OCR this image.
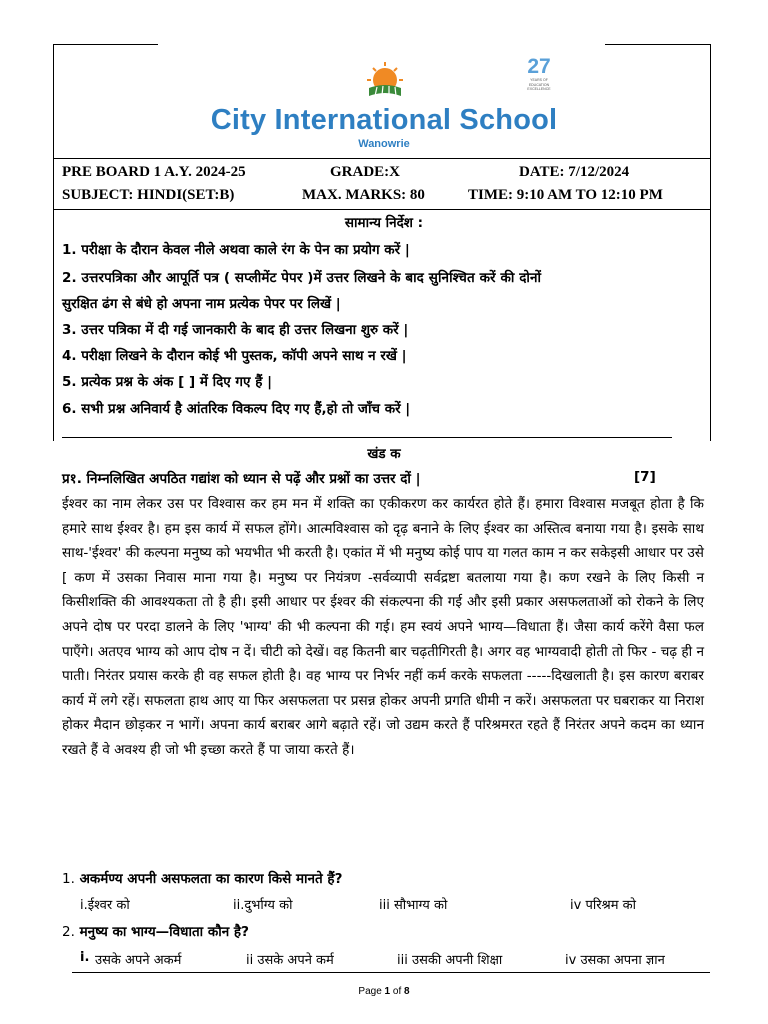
27
YEARS OF EDUCATION EXCELLENCE
City International School
Wanowrie
PRE BOARD 1 A.Y. 2024-25	GRADE:X	DATE: 7/12/2024
SUBJECT: HINDI(SET:B)	MAX. MARKS: 80	TIME: 9:10 AM TO 12:10 PM
सामान्य निर्देश :
1. परीक्षा के दौरान केवल नीले अथवा काले रंग के पेन का प्रयोग करें |
2. उत्तरपत्रिका और आपूर्ति पत्र ( सप्लीमेंट पेपर )में उत्तर लिखने के बाद सुनिश्चित करें की दोनों
सुरक्षित ढंग से बंधे हो अपना नाम प्रत्येक पेपर पर लिखें |
3. उत्तर पत्रिका में दी गई जानकारी के बाद ही उत्तर लिखना शुरु करें |
4. परीक्षा लिखने के दौरान कोई भी पुस्तक, कॉपी अपने साथ न रखें |
5. प्रत्येक प्रश्न के अंक [ ] में दिए गए हैं |
6. सभी प्रश्न अनिवार्य है आंतरिक विकल्प दिए गए हैं,हो तो जाँच करें |
खंड क
प्र१. निम्नलिखित अपठित गद्यांश को ध्यान से पढ़ें और प्रश्नों का उत्तर दों |	[7]
ईश्वर का नाम लेकर उस पर विश्वास कर हम मन में शक्ति का एकीकरण कर कार्यरत होते हैं। हमारा विश्वास मजबूत होता है कि हमारे साथ ईश्वर है। हम इस कार्य में सफल होंगे। आत्मविश्वास को दृढ़ बनाने के लिए ईश्वर का अस्तित्व बनाया गया है। इसके साथ साथ-'ईश्वर' की कल्पना मनुष्य को भयभीत भी करती है। एकांत में भी मनुष्य कोई पाप या गलत काम न कर सकेइसी आधार पर उसे [ कण में उसका निवास माना गया है। मनुष्य पर नियंत्रण -सर्वव्यापी सर्वद्रष्टा बतलाया गया है। कण रखने के लिए किसी न किसीशक्ति की आवश्यकता तो है ही। इसी आधार पर ईश्वर की संकल्पना की गई और इसी प्रकार असफलताओं को रोकने के लिए अपने दोष पर परदा डालने के लिए 'भाग्य' की भी कल्पना की गई। हम स्वयं अपने भाग्य—विधाता हैं। जैसा कार्य करेंगे वैसा फल पाएँगे। अतएव भाग्य को आप दोष न दें। चीटी को देखें। वह कितनी बार चढ़तीगिरती है। अगर वह भाग्यवादी होती तो फिर - चढ़ ही न पाती। निरंतर प्रयास करके ही वह सफल होती है। वह भाग्य पर निर्भर नहीं कर्म करके सफलता -----दिखलाती है। इस कारण बराबर कार्य में लगे रहें। सफलता हाथ आए या फिर असफलता पर प्रसन्न होकर अपनी प्रगति धीमी न करें। असफलता पर घबराकर या निराश होकर मैदान छोड़कर न भागें। अपना कार्य बराबर आगे बढ़ाते रहें। जो उद्यम करते हैं परिश्रमरत रहते हैं निरंतर अपने कदम का ध्यान रखते हैं वे अवश्य ही जो भी इच्छा करते हैं पा जाया करते हैं।
1. अकर्मण्य अपनी असफलता का कारण किसे मानते हैं?
i.ईश्वर को	ii.दुर्भाग्य को	iii सौभाग्य को	iv परिश्रम को
2. मनुष्य का भाग्य—विधाता कौन है?
i. उसके अपने अकर्म	ii उसके अपने कर्म	iii उसकी अपनी शिक्षा	iv उसका अपना ज्ञान
Page 1 of 8
